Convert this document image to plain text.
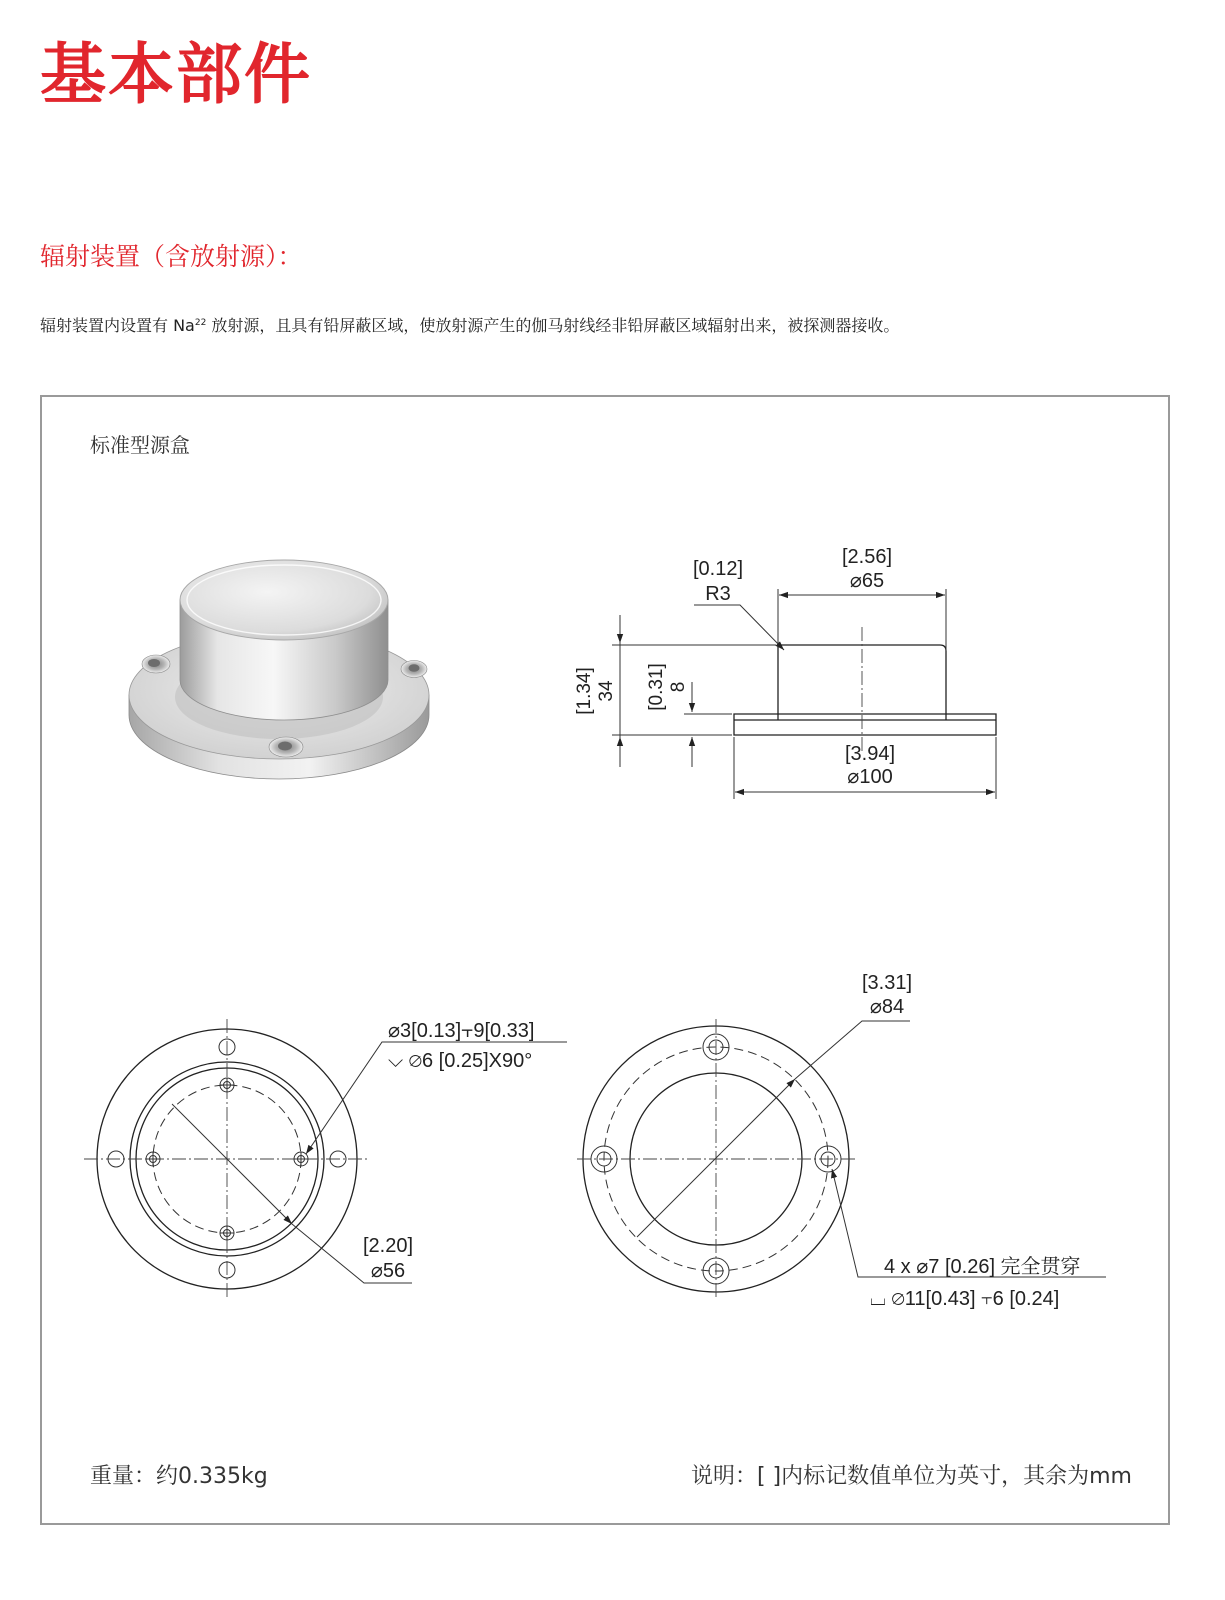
基本部件
辐射装置（含放射源）：

辐射装置内设置有 Na$^{22}$ 放射源，且具有铅屏蔽区域，使放射源产生的伽马射线经非铅屏蔽区域辐射出来，被探测器接收。

标准型源盒
[2.56]
⌀65
[0.12]
R3
[1.34] 34 [0.31] 8
[3.94]
⌀100
[2.20]
⌀56
⌀3[0.13]⫟9[0.33]
⌵ ⌀6 [0.25]X90°
[3.31]
⌀84
4 x ⌀7 [0.26] 完全贯穿
⌴ ⌀11[0.43] ⫟6 [0.24]
重量：约0.335kg	说明：[ ]内标记数值单位为英寸，其余为mm
